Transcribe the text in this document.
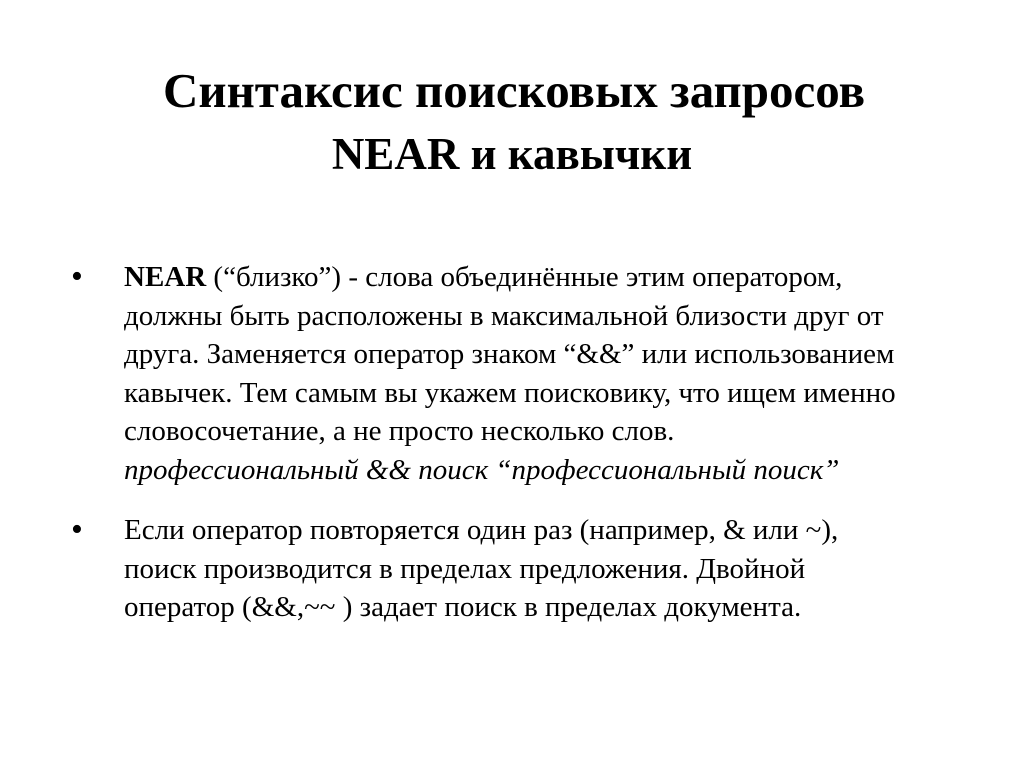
Синтаксис поисковых запросов
NEAR и кавычки
• NEAR (“близко”) - слова объединённые этим оператором,
должны быть расположены в максимальной близости друг от
друга. Заменяется оператор знаком “&&” или использованием
кавычек. Тем самым вы укажем поисковику, что ищем именно
словосочетание, а не просто несколько слов.
профессиональный && поиск “профессиональный поиск”
• Если оператор повторяется один раз (например, & или ~),
поиск производится в пределах предложения. Двойной
оператор (&&,~~ ) задает поиск в пределах документа.
